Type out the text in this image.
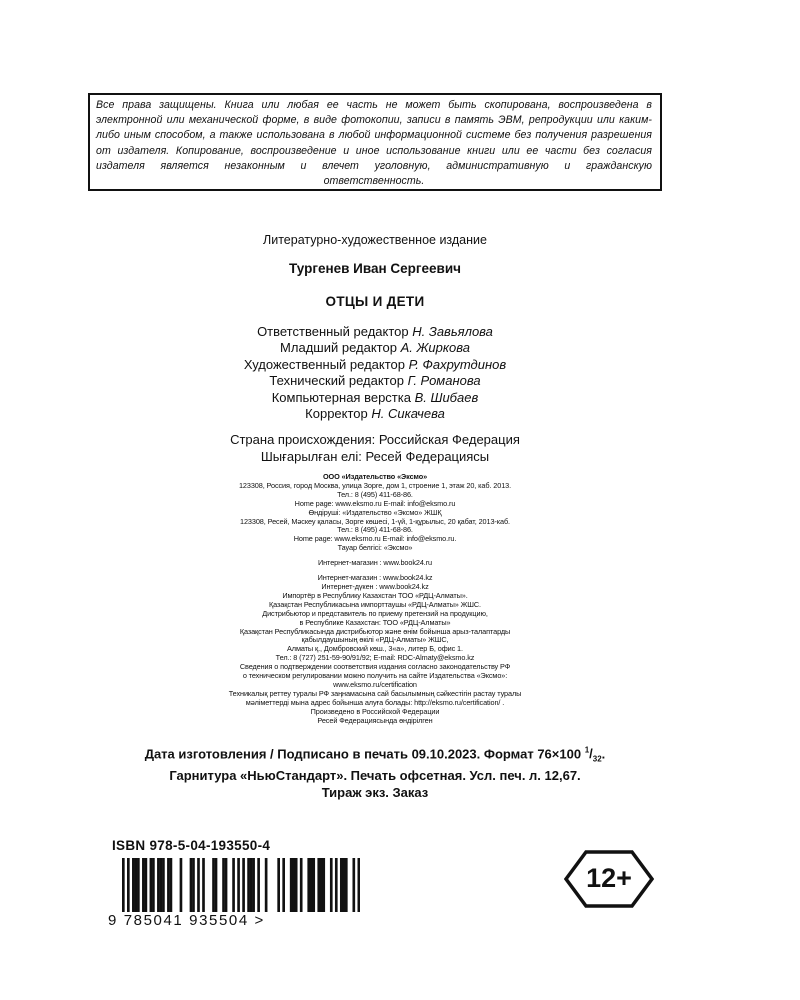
Все права защищены. Книга или любая ее часть не может быть скопирована, воспроизведена в электронной или механической форме, в виде фотокопии, записи в память ЭВМ, репродукции или каким-либо иным способом, а также использована в любой информационной системе без получения разрешения от издателя. Копирование, воспроизведение и иное использование книги или ее части без согласия издателя является незаконным и влечет уголовную, административную и гражданскую ответственность.

Литературно-художественное издание
Тургенев Иван Сергеевич
ОТЦЫ И ДЕТИ
Ответственный редактор Н. Завьялова
Младший редактор А. Жиркова
Художественный редактор Р. Фахрутдинов
Технический редактор Г. Романова
Компьютерная верстка В. Шибаев
Корректор Н. Сикачева
Страна происхождения: Российская Федерация
Шығарылған елі: Ресей Федерациясы
ООО «Издательство «Эксмо»
123308, Россия, город Москва, улица Зорге, дом 1, строение 1, этаж 20, каб. 2013.
Тел.: 8 (495) 411-68-86.
Home page: www.eksmo.ru E-mail: info@eksmo.ru
Өндіруші: «Издательство «Эксмо» ЖШҚ
123308, Ресей, Мәскеу қаласы, Зорге көшесі, 1-үй, 1-құрылыс, 20 қабат, 2013-каб.
Тел.: 8 (495) 411-68-86.
Home page: www.eksmo.ru E-mail: info@eksmo.ru.
Тауар белгісі: «Эксмо»
Интернет-магазин : www.book24.ru
Интернет-магазин : www.book24.kz
Интернет-дүкен : www.book24.kz
Импортёр в Республику Казахстан ТОО «РДЦ-Алматы».
Қазақстан Республикасына импорттаушы «РДЦ-Алматы» ЖШС.
Дистрибьютор и представитель по приему претензий на продукцию,
в Республике Казахстан: ТОО «РДЦ-Алматы»
Қазақстан Республикасында дистрибьютор және өнім бойынша арыз-талаптарды
қабылдаушының өкілі «РДЦ-Алматы» ЖШС,
Алматы қ., Домбровский көш., 3«а», литер Б, офис 1.
Тел.: 8 (727) 251-59-90/91/92; E-mail: RDC-Almaty@eksmo.kz
Сведения о подтверждении соответствия издания согласно законодательству РФ
о техническом регулировании можно получить на сайте Издательства «Эксмо»:
www.eksmo.ru/certification
Техникалық реттеу туралы РФ заңнамасына сай басылымның сәйкестігін растау туралы
мәліметтерді мына адрес бойынша алуға болады: http://eksmo.ru/certification/ .
Произведено в Российской Федерации
Ресей Федерациясында өндірілген
Дата изготовления / Подписано в печать 09.10.2023. Формат 76×100 $^1/_{32}$.
Гарнитура «НьюСтандарт». Печать офсетная. Усл. печ. л. 12,67.
Тираж экз. Заказ
ISBN 978-5-04-193550-4
9 785041 935504 >
12+
